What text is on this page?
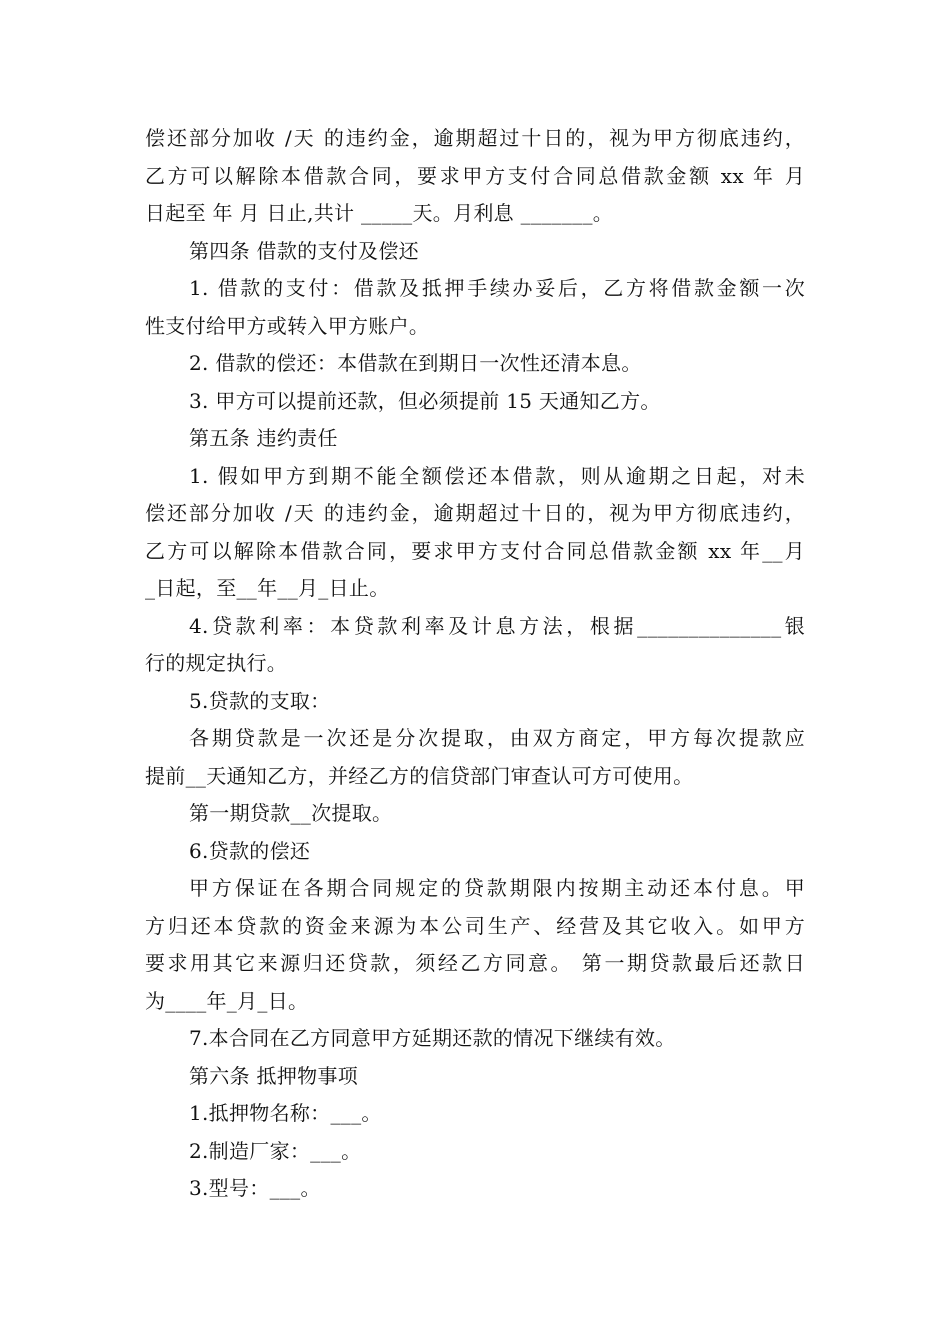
偿还部分加收 /天 的违约金，逾期超过十日的，视为甲方彻底违约，
乙方可以解除本借款合同，要求甲方支付合同总借款金额 xx 年 月
日起至 年 月 日止,共计 _____天。月利息 _______。
第四条 借款的支付及偿还
1. 借款的支付：借款及抵押手续办妥后，乙方将借款金额一次
性支付给甲方或转入甲方账户。
2. 借款的偿还：本借款在到期日一次性还清本息。
3. 甲方可以提前还款，但必须提前 15 天通知乙方。
第五条 违约责任
1. 假如甲方到期不能全额偿还本借款，则从逾期之日起，对未
偿还部分加收 /天 的违约金，逾期超过十日的，视为甲方彻底违约，
乙方可以解除本借款合同，要求甲方支付合同总借款金额 xx 年__月
_日起，至__年__月_日止。
4.贷款利率：本贷款利率及计息方法，根据______________银
行的规定执行。
5.贷款的支取：
各期贷款是一次还是分次提取，由双方商定，甲方每次提款应
提前__天通知乙方，并经乙方的信贷部门审查认可方可使用。
第一期贷款__次提取。
6.贷款的偿还
甲方保证在各期合同规定的贷款期限内按期主动还本付息。甲
方归还本贷款的资金来源为本公司生产、经营及其它收入。如甲方
要求用其它来源归还贷款，须经乙方同意。 第一期贷款最后还款日
为____年_月_日。
7.本合同在乙方同意甲方延期还款的情况下继续有效。
第六条 抵押物事项
1.抵押物名称：___。
2.制造厂家：___。
3.型号：___。
